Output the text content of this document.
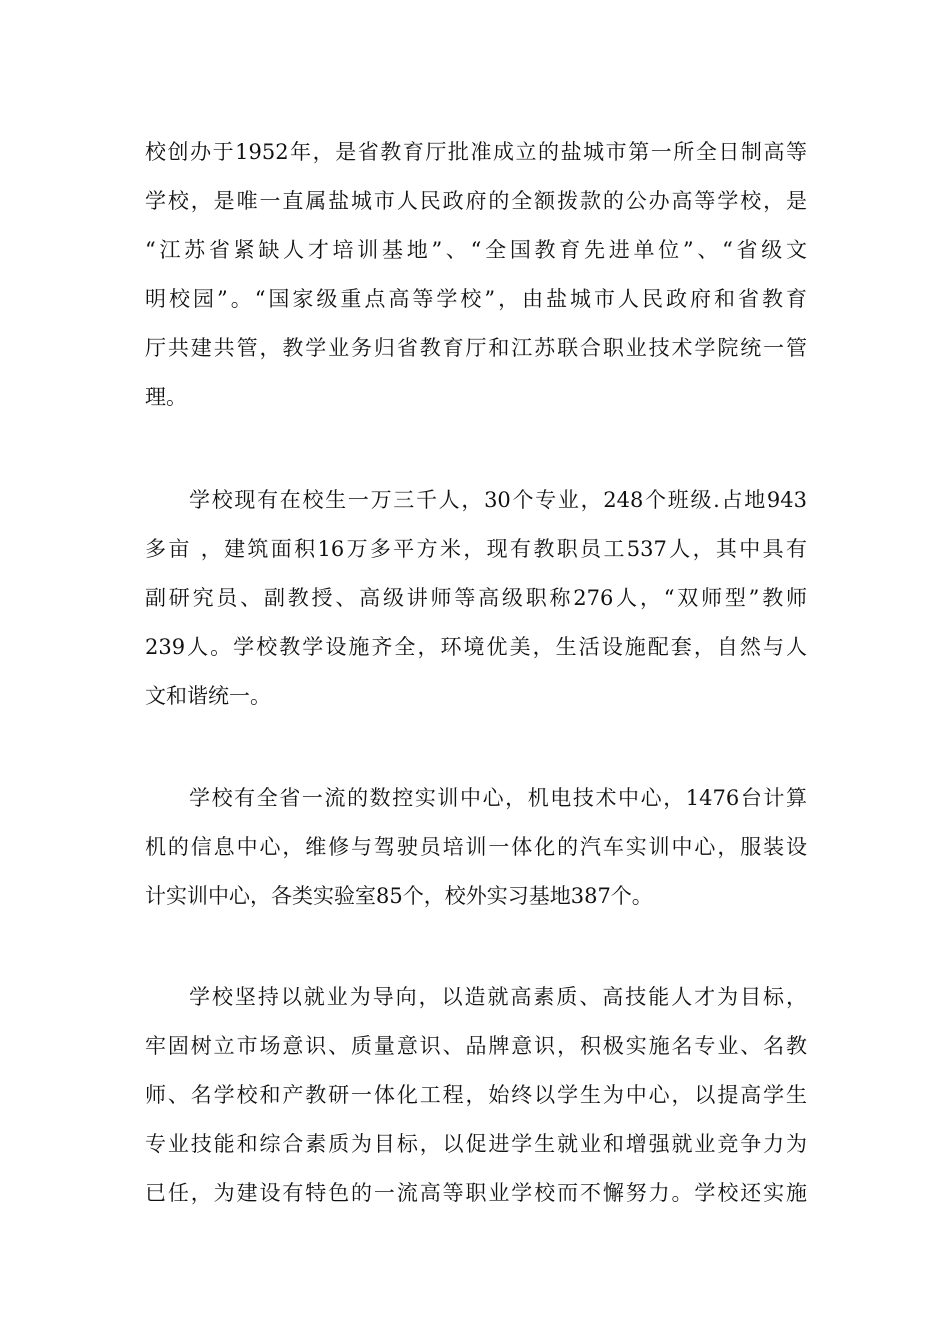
校创办于1952年，是省教育厅批准成立的盐城市第一所全日制高等
学校，是唯一直属盐城市人民政府的全额拨款的公办高等学校，是
“江苏省紧缺人才培训基地”、“全国教育先进单位”、“省级文
明校园”。“国家级重点高等学校”，由盐城市人民政府和省教育
厅共建共管，教学业务归省教育厅和江苏联合职业技术学院统一管
理。
学校现有在校生一万三千人，30个专业，248个班级.占地943
多亩 ，建筑面积16万多平方米，现有教职员工537人，其中具有
副研究员、副教授、高级讲师等高级职称276人，“双师型”教师
239人。学校教学设施齐全，环境优美，生活设施配套，自然与人
文和谐统一。
学校有全省一流的数控实训中心，机电技术中心，1476台计算
机的信息中心，维修与驾驶员培训一体化的汽车实训中心，服装设
计实训中心，各类实验室85个，校外实习基地387个。
学校坚持以就业为导向，以造就高素质、高技能人才为目标，
牢固树立市场意识、质量意识、品牌意识，积极实施名专业、名教
师、名学校和产教研一体化工程，始终以学生为中心，以提高学生
专业技能和综合素质为目标，以促进学生就业和增强就业竞争力为
已任，为建设有特色的一流高等职业学校而不懈努力。学校还实施
